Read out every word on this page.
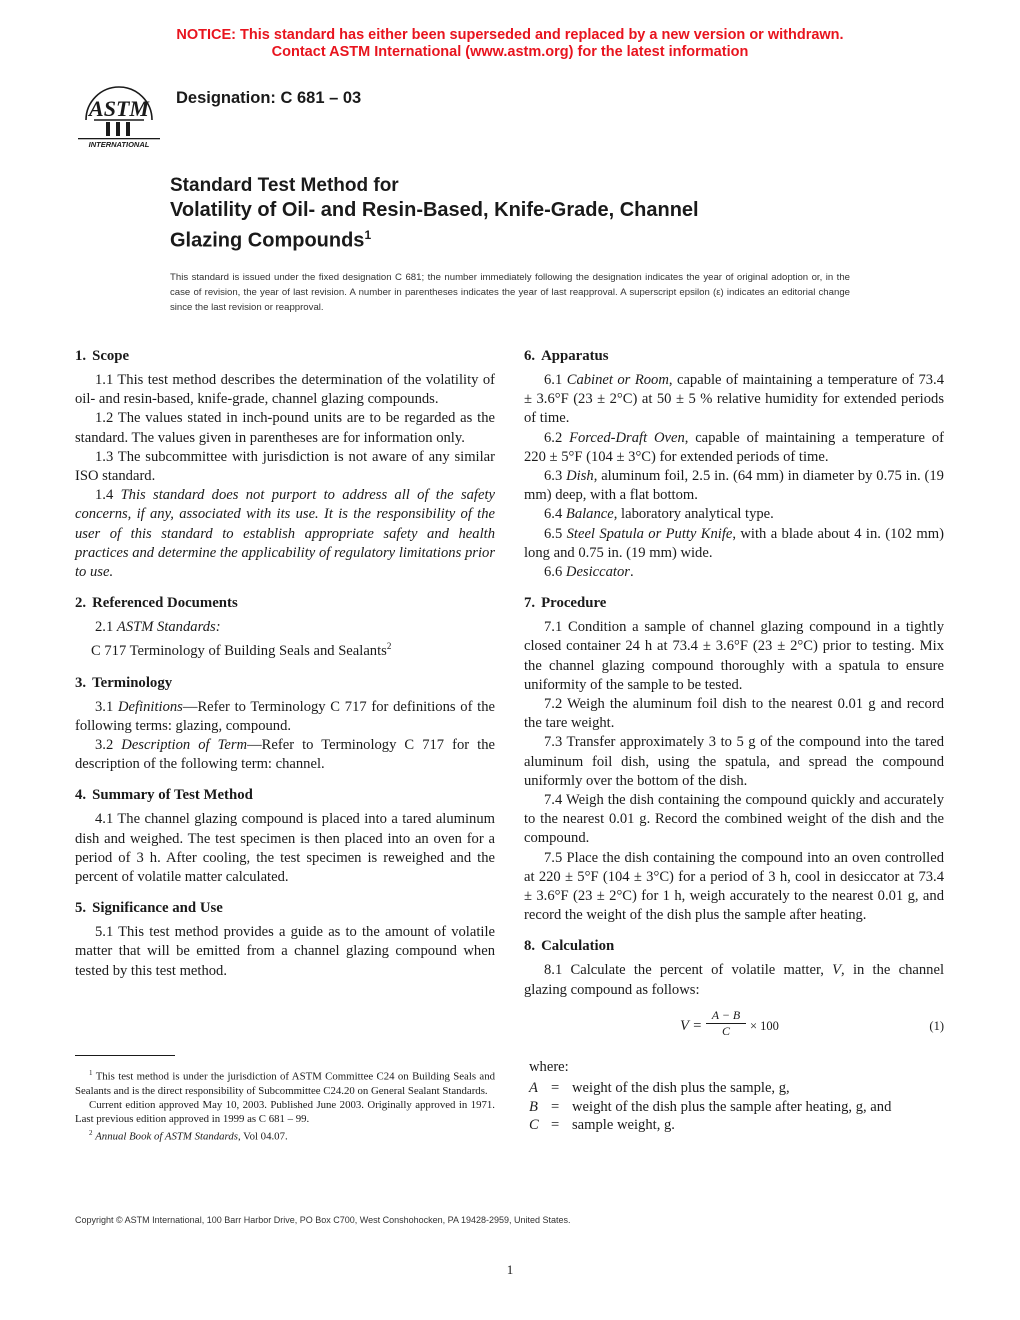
NOTICE: This standard has either been superseded and replaced by a new version or withdrawn.
Contact ASTM International (www.astm.org) for the latest information
ASTM
INTERNATIONAL
Designation: C 681 – 03
Standard Test Method for
Volatility of Oil- and Resin-Based, Knife-Grade, Channel
Glazing Compounds$^1$
This standard is issued under the fixed designation C 681; the number immediately following the designation indicates the year of original adoption or, in the case of revision, the year of last revision. A number in parentheses indicates the year of last reapproval. A superscript epsilon (ε) indicates an editorial change since the last revision or reapproval.
1. Scope

1.1 This test method describes the determination of the volatility of oil- and resin-based, knife-grade, channel glazing compounds.

1.2 The values stated in inch-pound units are to be regarded as the standard. The values given in parentheses are for information only.

1.3 The subcommittee with jurisdiction is not aware of any similar ISO standard.

1.4 This standard does not purport to address all of the safety concerns, if any, associated with its use. It is the responsibility of the user of this standard to establish appropriate safety and health practices and determine the applicability of regulatory limitations prior to use.

2. Referenced Documents

2.1 ASTM Standards:

C 717 Terminology of Building Seals and Sealants$^2$

3. Terminology

3.1 Definitions—Refer to Terminology C 717 for definitions of the following terms: glazing, compound.

3.2 Description of Term—Refer to Terminology C 717 for the description of the following term: channel.

4. Summary of Test Method

4.1 The channel glazing compound is placed into a tared aluminum dish and weighed. The test specimen is then placed into an oven for a period of 3 h. After cooling, the test specimen is reweighed and the percent of volatile matter calculated.

5. Significance and Use

5.1 This test method provides a guide as to the amount of volatile matter that will be emitted from a channel glazing compound when tested by this test method.

6. Apparatus

6.1 Cabinet or Room, capable of maintaining a temperature of 73.4 ± 3.6°F (23 ± 2°C) at 50 ± 5 % relative humidity for extended periods of time.

6.2 Forced-Draft Oven, capable of maintaining a temperature of 220 ± 5°F (104 ± 3°C) for extended periods of time.

6.3 Dish, aluminum foil, 2.5 in. (64 mm) in diameter by 0.75 in. (19 mm) deep, with a flat bottom.

6.4 Balance, laboratory analytical type.

6.5 Steel Spatula or Putty Knife, with a blade about 4 in. (102 mm) long and 0.75 in. (19 mm) wide.

6.6 Desiccator.

7. Procedure

7.1 Condition a sample of channel glazing compound in a tightly closed container 24 h at 73.4 ± 3.6°F (23 ± 2°C) prior to testing. Mix the channel glazing compound thoroughly with a spatula to ensure uniformity of the sample to be tested.

7.2 Weigh the aluminum foil dish to the nearest 0.01 g and record the tare weight.

7.3 Transfer approximately 3 to 5 g of the compound into the tared aluminum foil dish, using the spatula, and spread the compound uniformly over the bottom of the dish.

7.4 Weigh the dish containing the compound quickly and accurately to the nearest 0.01 g. Record the combined weight of the dish and the compound.

7.5 Place the dish containing the compound into an oven controlled at 220 ± 5°F (104 ± 3°C) for a period of 3 h, cool in desiccator at 73.4 ± 3.6°F (23 ± 2°C) for 1 h, weigh accurately to the nearest 0.01 g, and record the weight of the dish plus the sample after heating.

8. Calculation

8.1 Calculate the percent of volatile matter, V, in the channel glazing compound as follows:

$V = \frac{A - B}{C} \times 100$	(1)
where:
A = weight of the dish plus the sample, g,
B = weight of the dish plus the sample after heating, g, and
C = sample weight, g.

$^1$ This test method is under the jurisdiction of ASTM Committee C24 on Building Seals and Sealants and is the direct responsibility of Subcommittee C24.20 on General Sealant Standards.

Current edition approved May 10, 2003. Published June 2003. Originally approved in 1971. Last previous edition approved in 1999 as C 681 – 99.

$^2$ Annual Book of ASTM Standards, Vol 04.07.

Copyright © ASTM International, 100 Barr Harbor Drive, PO Box C700, West Conshohocken, PA 19428-2959, United States.
1
